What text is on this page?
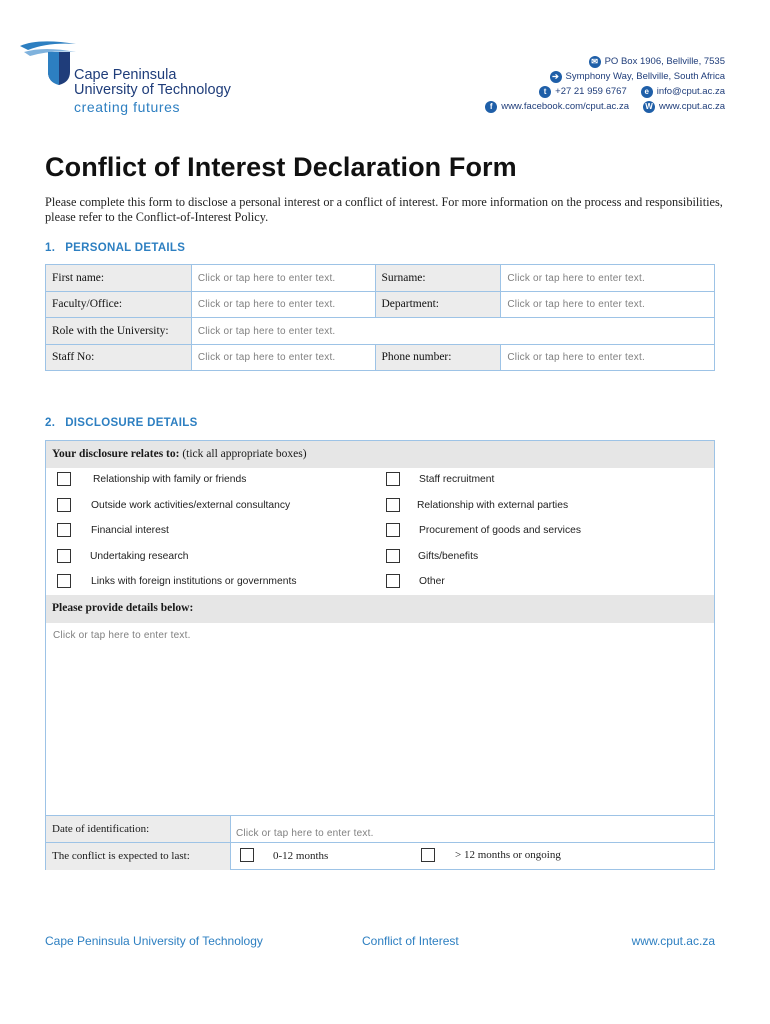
Cape Peninsula
University of Technology
creating futures
✉ PO Box 1906, Bellville, 7535
➔ Symphony Way, Bellville, South Africa
t +27 21 959 6767	e info@cput.ac.za
f www.facebook.com/cput.ac.za W www.cput.ac.za
Conflict of Interest Declaration Form
Please complete this form to disclose a personal interest or a conflict of interest. For more information on the process and responsibilities, please refer to the Conflict-of-Interest Policy.
1. PERSONAL DETAILS
First name:	Click or tap here to enter text.	Surname:	Click or tap here to enter text.
Faculty/Office:	Click or tap here to enter text.	Department:	Click or tap here to enter text.
Role with the University:	Click or tap here to enter text.		
Staff No:	Click or tap here to enter text.	Phone number:	Click or tap here to enter text.
2. DISCLOSURE DETAILS
Your disclosure relates to: (tick all appropriate boxes)
Relationship with family or friends	Staff recruitment
Outside work activities/external consultancy	Relationship with external parties
Financial interest	Procurement of goods and services
Undertaking research	Gifts/benefits
Links with foreign institutions or governments	Other
Please provide details below:
Click or tap here to enter text.
Date of identification:	Click or tap here to enter text.
The conflict is expected to last:	0-12 months	> 12 months or ongoing
Cape Peninsula University of Technology	Conflict of Interest	www.cput.ac.za
